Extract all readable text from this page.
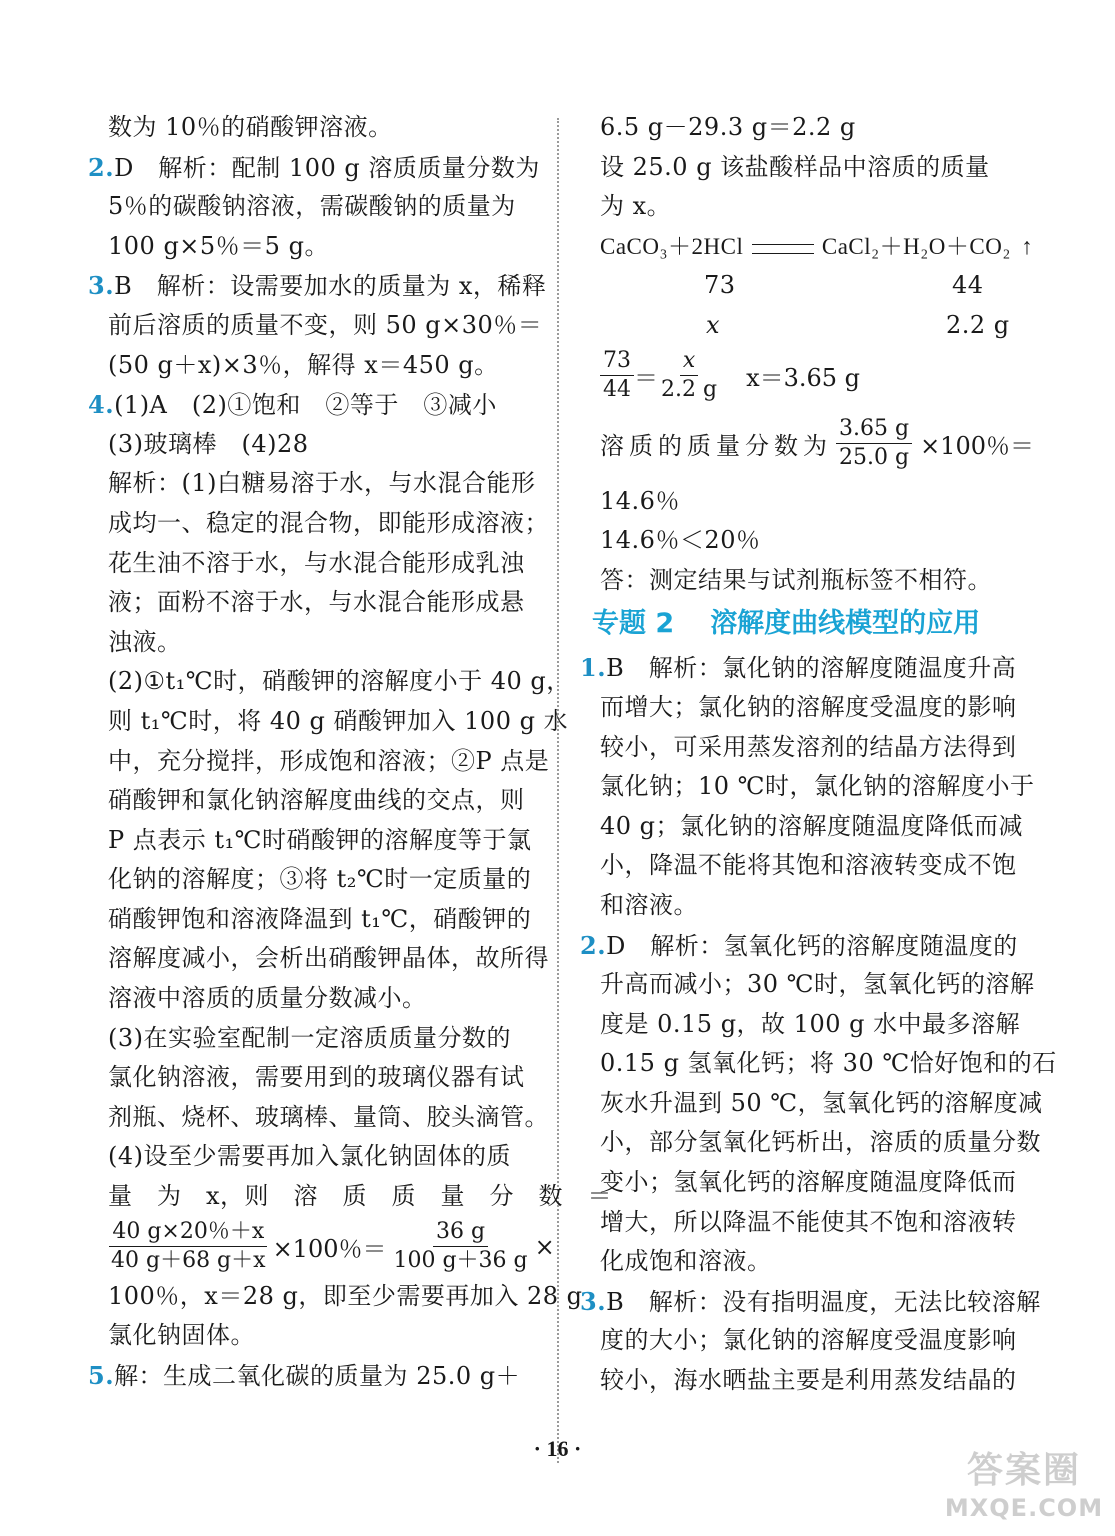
数为 10％的硝酸钾溶液。
2.D　解析：配制 100 g 溶质质量分数为
5％的碳酸钠溶液，需碳酸钠的质量为
100 g×5％＝5 g。
3.B　解析：设需要加水的质量为 x，稀释
前后溶质的质量不变，则 50 g×30％＝
(50 g＋x)×3％，解得 x＝450 g。
4.(1)A　(2)①饱和　②等于　③减小
(3)玻璃棒　(4)28
解析：(1)白糖易溶于水，与水混合能形
成均一、稳定的混合物，即能形成溶液；
花生油不溶于水，与水混合能形成乳浊
液；面粉不溶于水，与水混合能形成悬
浊液。
(2)①t₁℃时，硝酸钾的溶解度小于 40 g，
则 t₁℃时，将 40 g 硝酸钾加入 100 g 水
中，充分搅拌，形成饱和溶液；②P 点是
硝酸钾和氯化钠溶解度曲线的交点，则
P 点表示 t₁℃时硝酸钾的溶解度等于氯
化钠的溶解度；③将 t₂℃时一定质量的
硝酸钾饱和溶液降温到 t₁℃，硝酸钾的
溶解度减小，会析出硝酸钾晶体，故所得
溶液中溶质的质量分数减小。
(3)在实验室配制一定溶质质量分数的
氯化钠溶液，需要用到的玻璃仪器有试
剂瓶、烧杯、玻璃棒、量筒、胶头滴管。
(4)设至少需要再加入氯化钠固体的质
量　为　x，则　溶　质　质　量　分　数　＝
$\frac{40 g\times 20\%+x}{40 g+68 g+x} \times 100$％＝ $\frac{36 g}{100 g+36 g}$ ×
100％，x＝28 g，即至少需要再加入 28 g
氯化钠固体。
5.解：生成二氧化碳的质量为 25.0 g＋
6.5 g－29.3 g＝2.2 g
设 25.0 g 该盐酸样品中溶质的质量
为 x。
CaCO₃＋2HCl	CaCl₂＋H₂O＋CO₂ ↑
73	44
x	2.2 g
$\frac{73}{44} = \frac{x}{2.2 g} x=3.65$ g
溶质的质量分数为 $\frac{3.65 g}{25.0 g} \times 100$％＝
14.6％
14.6％＜20％
答：测定结果与试剂瓶标签不相符。
专题 2 溶解度曲线模型的应用
1.B　解析：氯化钠的溶解度随温度升高
而增大；氯化钠的溶解度受温度的影响
较小，可采用蒸发溶剂的结晶方法得到
氯化钠；10 ℃时，氯化钠的溶解度小于
40 g；氯化钠的溶解度随温度降低而减
小，降温不能将其饱和溶液转变成不饱
和溶液。
2.D　解析：氢氧化钙的溶解度随温度的
升高而减小；30 ℃时，氢氧化钙的溶解
度是 0.15 g，故 100 g 水中最多溶解
0.15 g 氢氧化钙；将 30 ℃恰好饱和的石
灰水升温到 50 ℃，氢氧化钙的溶解度减
小，部分氢氧化钙析出，溶质的质量分数
变小；氢氧化钙的溶解度随温度降低而
增大，所以降温不能使其不饱和溶液转
化成饱和溶液。
3.B　解析：没有指明温度，无法比较溶解
度的大小；氯化钠的溶解度受温度影响
较小，海水晒盐主要是利用蒸发结晶的
· 16 ·
答案圈
MXQE.COM
